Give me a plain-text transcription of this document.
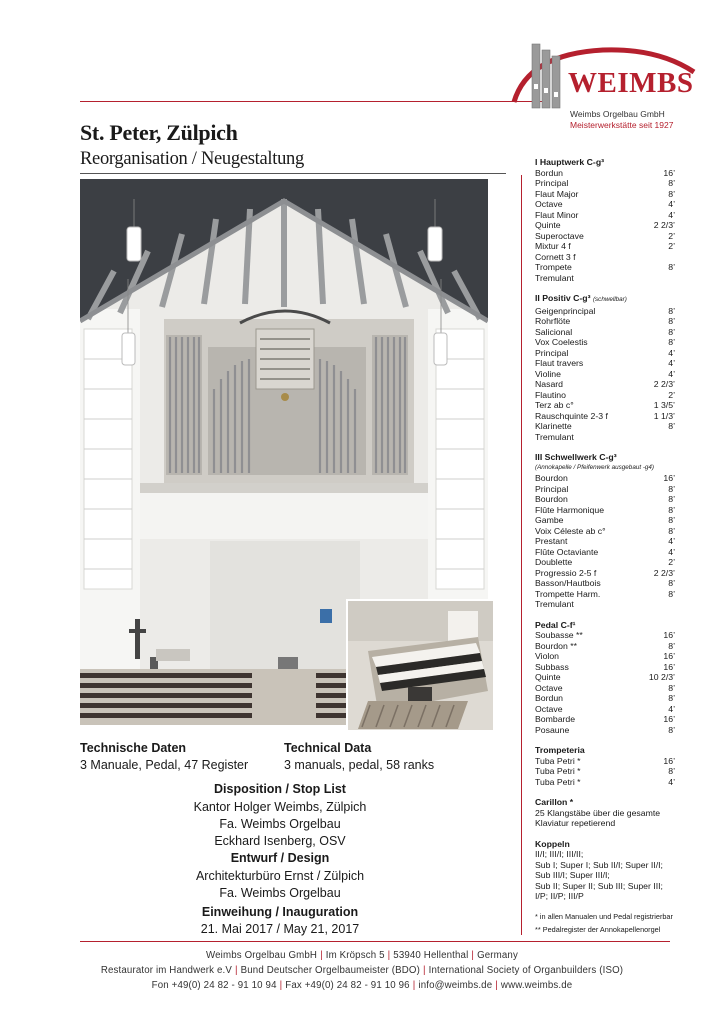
WEIMBS
Weimbs Orgelbau GmbH
Meisterwerkstätte seit 1927
St. Peter, Zülpich
Reorganisation / Neugestaltung
Technische Daten
3 Manuale, Pedal, 47 Register
Technical Data
3 manuals, pedal, 58 ranks
Disposition / Stop List
Kantor Holger Weimbs, Zülpich
Fa. Weimbs Orgelbau
Eckhard Isenberg, OSV
Entwurf / Design
Architekturbüro Ernst / Zülpich
Fa. Weimbs Orgelbau
Einweihung / Inauguration
21. Mai 2017 / May 21, 2017
I Hauptwerk C-g³
Bordun	16’
Principal	8’
Flaut Major	8’
Octave	4’
Flaut Minor	4’
Quinte	2 2/3’
Superoctave	2’
Mixtur 4 f	2’
Cornett 3 f
Trompete	8’
Tremulant
II Positiv C-g³ (schwellbar)
Geigenprincipal	8’
Rohrflöte	8’
Salicional	8’
Vox Coelestis	8’
Principal	4’
Flaut travers	4’
Violine	4’
Nasard	2 2/3’
Flautino	2’
Terz ab c°	1 3/5’
Rauschquinte 2-3 f	1 1/3’
Klarinette	8’
Tremulant
III Schwellwerk C-g³
(Annokapelle / Pfeifenwerk ausgebaut -g4)
Bourdon	16’
Principal	8’
Bourdon	8’
Flûte Harmonique	8’
Gambe	8’
Voix Céleste ab c°	8’
Prestant	4’
Flûte Octaviante	4’
Doublette	2’
Progressio 2-5 f	2 2/3’
Basson/Hautbois	8’
Trompette Harm.	8’
Tremulant
Pedal C-f¹
Soubasse **	16’
Bourdon **	8’
Violon	16’
Subbass	16’
Quinte	10 2/3’
Octave	8’
Bordun	8’
Octave	4’
Bombarde	16’
Posaune	8’
Trompeteria
Tuba Petri *	16’
Tuba Petri *	8’
Tuba Petri *	4’
Carillon *
25 Klangstäbe über die gesamte
Klaviatur repetierend
Koppeln
II/I; III/I; III/II;
Sub I; Super I; Sub II/I; Super II/I;
Sub III/I; Super III/I;
Sub II; Super II; Sub III; Super III;
I/P; II/P; III/P
* in allen Manualen und Pedal registrierbar
** Pedalregister der Annokapellenorgel
Weimbs Orgelbau GmbH | Im Kröpsch 5 | 53940 Hellenthal | Germany
Restaurator im Handwerk e.V | Bund Deutscher Orgelbaumeister (BDO) | International Society of Organbuilders (ISO)
Fon +49(0) 24 82 - 91 10 94 | Fax +49(0) 24 82 - 91 10 96 | info@weimbs.de | www.weimbs.de
